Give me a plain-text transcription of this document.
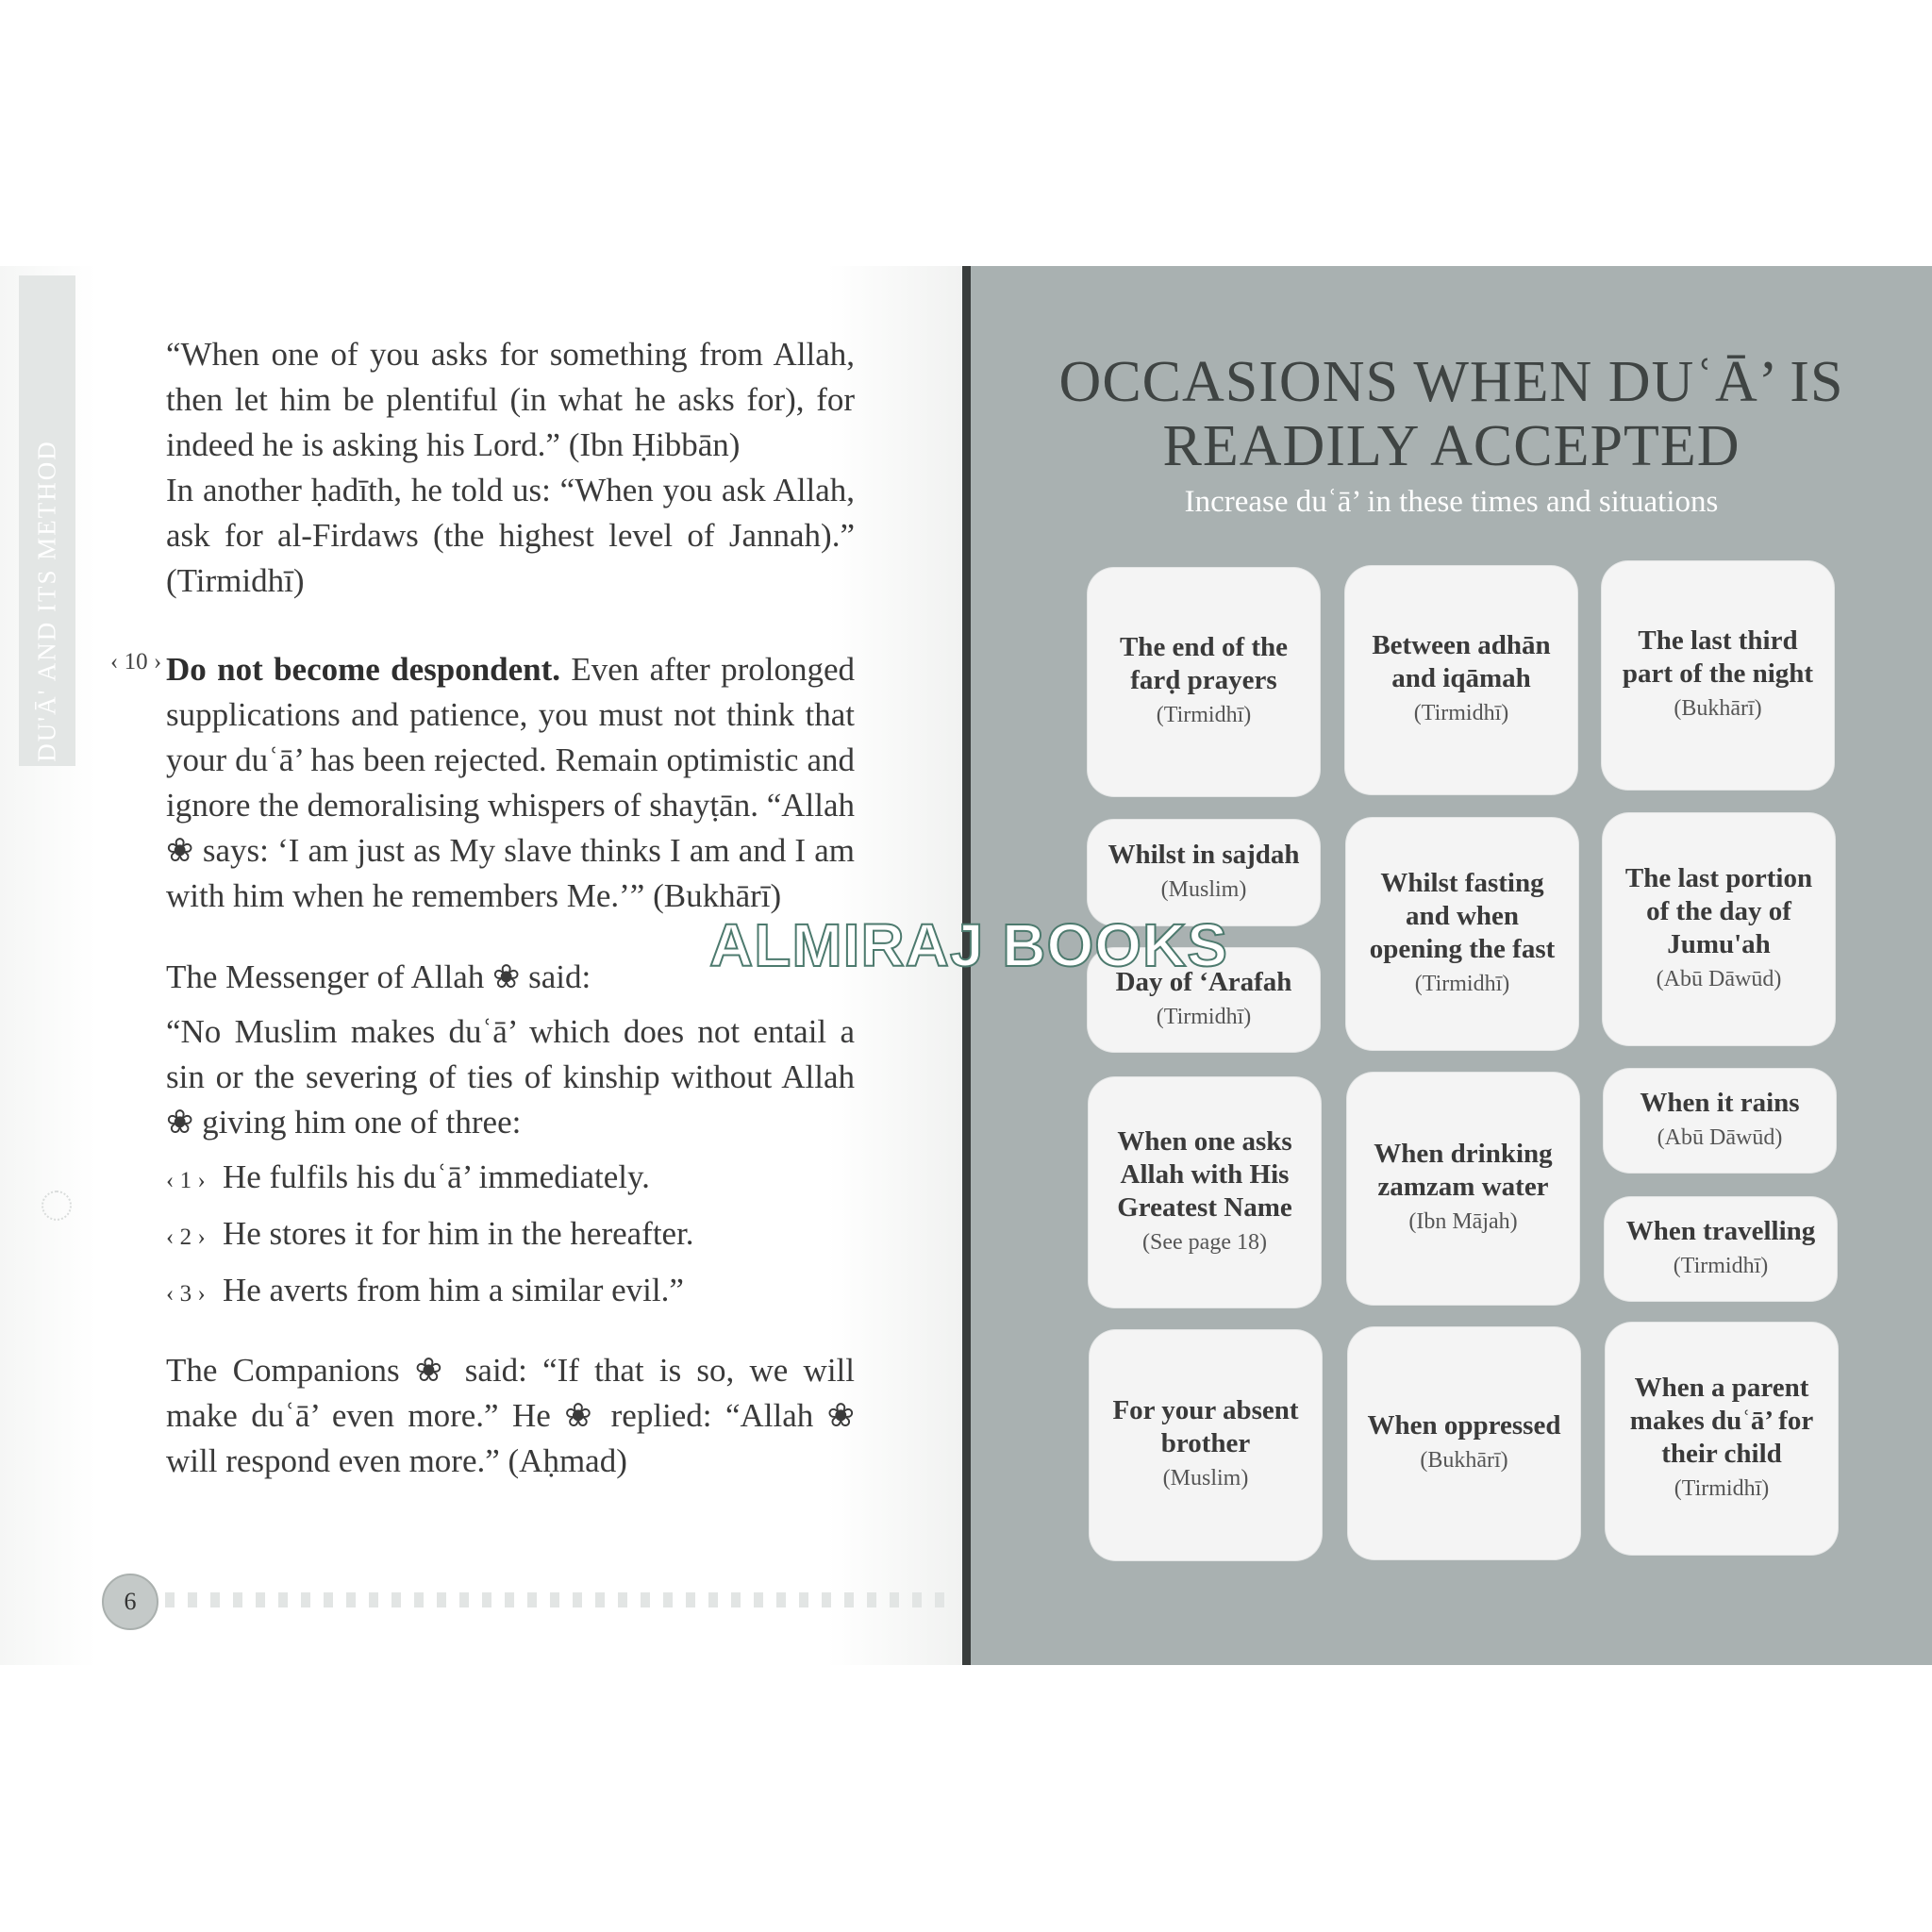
DU'Ā' AND ITS METHOD

“When one of you asks for something from Allah, then let him be plentiful (in what he asks for), for indeed he is asking his Lord.” (Ibn Ḥibbān)

In another ḥadīth, he told us: “When you ask Allah, ask for al-Firdaws (the highest level of Jannah).” (Tirmidhī)

Do not become despondent. Even after prolonged supplications and patience, you must not think that your duʿā’ has been rejected. Remain optimistic and ignore the demoralising whispers of shayṭān. “Allah ❀ says: ‘I am just as My slave thinks I am and I am with him when he remembers Me.’” (Bukhārī)

The Messenger of Allah ❀ said:

“No Muslim makes duʿā’ which does not entail a sin or the severing of ties of kinship without Allah ❀ giving him one of three:

‹ 1 › He fulfils his duʿā’ immediately.
‹ 2 › He stores it for him in the hereafter.
‹ 3 › He averts from him a similar evil.”

The Companions ❀ said: “If that is so, we will make duʿā’ even more.” He ❀ replied: “Allah ❀ will respond even more.” (Aḥmad)

‹ 10 ›
6
OCCASIONS WHEN DUʿĀ’ IS
READILY ACCEPTED
Increase duʿā’ in these times and situations
The end of the
farḍ prayers
(Tirmidhī)
Between adhān
and iqāmah
(Tirmidhī)
The last third
part of the night
(Bukhārī)
Whilst in sajdah
(Muslim)	Whilst fasting
and when
opening the fast
(Tirmidhī)
The last portion
of the day of
Jumu'ah
(Abū Dāwūd)
Day of ‘Arafah
(Tirmidhī)
When one asks
Allah with His
Greatest Name
(See page 18)
When drinking
zamzam water
(Ibn Mājah)
When it rains
(Abū Dāwūd)
When travelling
(Tirmidhī)
For your absent
brother
(Muslim)
When oppressed
(Bukhārī)
When a parent
makes duʿā’ for
their child
(Tirmidhī)
ALMIRAJ BOOKS
